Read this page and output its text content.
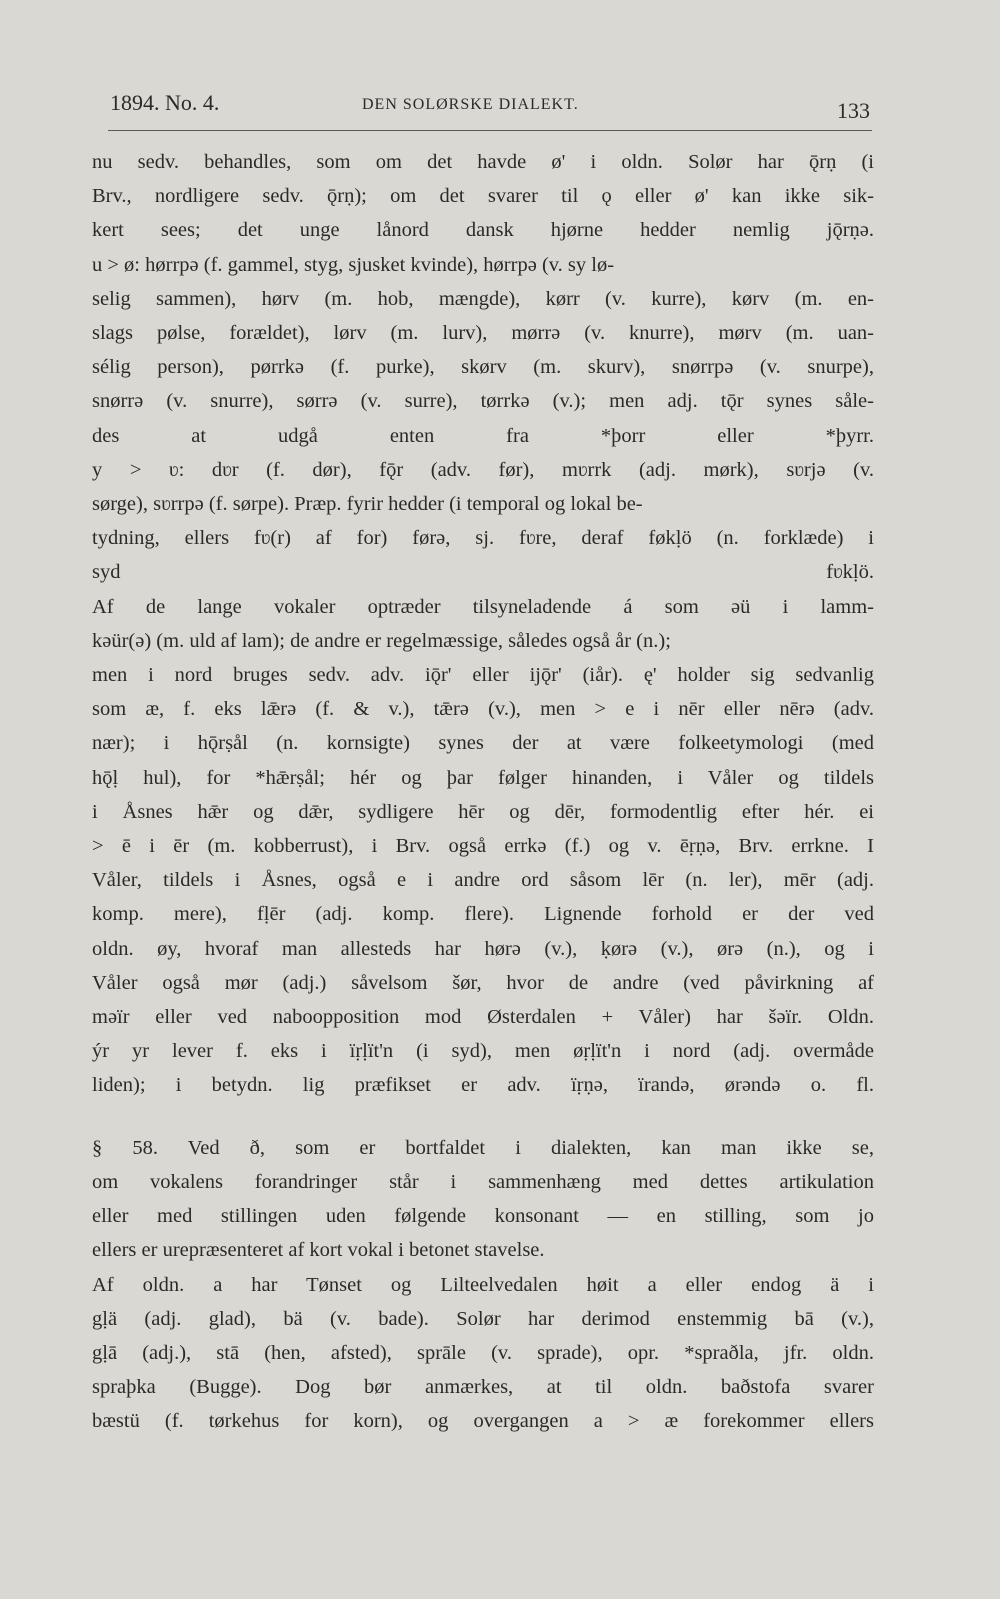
1894. No. 4.	DEN SOLØRSKE DIALEKT.	133

nu sedv. behandles, som om det havde ø' i oldn. Solør har ǭrṇ (i

Brv., nordligere sedv. ǭrṇ); om det svarer til ǫ eller ø' kan ikke sik-

kert sees; det unge lånord dansk hjørne hedder nemlig jǭrṇə.

u > ø: hørrpə (f. gammel, styg, sjusket kvinde), hørrpə (v. sy lø-

selig sammen), hørv (m. hob, mængde), kørr (v. kurre), kørv (m. en-

slags pølse, forældet), lørv (m. lurv), mørrə (v. knurre), mørv (m. uan-

sélig person), pørrkə (f. purke), skørv (m. skurv), snørrpə (v. snurpe),

snørrə (v. snurre), sørrə (v. surre), tørrkə (v.); men adj. tǭr synes såle-

des at udgå enten fra *þorr eller *þyrr.

y > ʋ: dʋr (f. dør), fǭr (adv. før), mʋrrk (adj. mørk), sʋrjə (v.

sørge), sʋrrpə (f. sørpe). Præp. fyrir hedder (i temporal og lokal be-

tydning, ellers fʋ(r) af for) førə, sj. fʋre, deraf føkḷö (n. forklæde) i

syd fʋkḷö.

Af de lange vokaler optræder tilsyneladende á som əü i lamm-

kəür(ə) (m. uld af lam); de andre er regelmæssige, således også år (n.);

men i nord bruges sedv. adv. iǭr' eller ijǭr' (iår). ę' holder sig sedvanlig

som æ, f. eks lǣrə (f. & v.), tǣrə (v.), men > e i nēr eller nērə (adv.

nær); i hǭrṣål (n. kornsigte) synes der at være folkeetymologi (med

hǭḷ hul), for *hǣrṣål; hér og þar følger hinanden, i Våler og tildels

i Åsnes hǣr og dǣr, sydligere hēr og dēr, formodentlig efter hér. ei

> ē i ēr (m. kobberrust), i Brv. også errkə (f.) og v. ēṛṇə, Brv. errkne. I

Våler, tildels i Åsnes, også e i andre ord såsom lēr (n. ler), mēr (adj.

komp. mere), fḷēr (adj. komp. flere). Lignende forhold er der ved

oldn. øy, hvoraf man allesteds har hørə (v.), ḳørə (v.), ørə (n.), og i

Våler også mør (adj.) såvelsom šør, hvor de andre (ved påvirkning af

məïr eller ved naboopposition mod Østerdalen + Våler) har šəïr. Oldn.

ýr yr lever f. eks i ïṛḷït'n (i syd), men øṛḷït'n i nord (adj. overmåde

liden); i betydn. lig præfikset er adv. ïṛṇə, ïrandə, ørəndə o. fl.

§ 58. Ved ð, som er bortfaldet i dialekten, kan man ikke se,

om vokalens forandringer står i sammenhæng med dettes artikulation

eller med stillingen uden følgende konsonant — en stilling, som jo

ellers er urepræsenteret af kort vokal i betonet stavelse.

Af oldn. a har Tønset og Lilteelvedalen høit a eller endog ä i

gḷä (adj. glad), bä (v. bade). Solør har derimod enstemmig bā (v.),

gḷā (adj.), stā (hen, afsted), sprāle (v. sprade), opr. *spraðla, jfr. oldn.

spraþka (Bugge). Dog bør anmærkes, at til oldn. baðstofa svarer

bæstü (f. tørkehus for korn), og overgangen a > æ forekommer ellers
